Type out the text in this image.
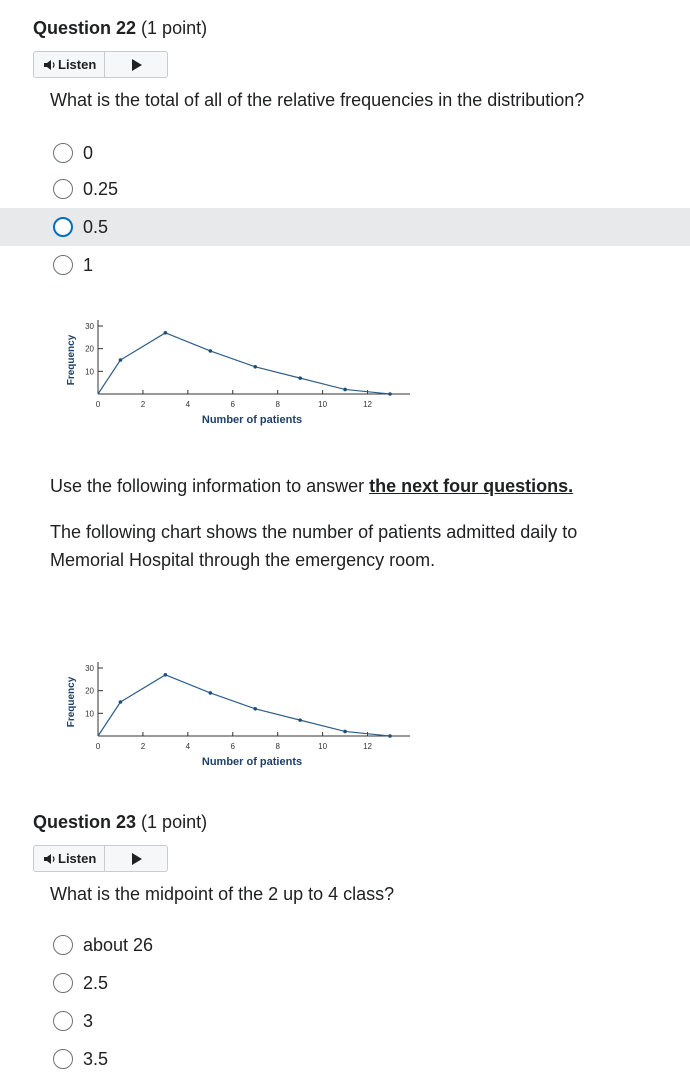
Question 22 (1 point)
Listen
What is the total of all of the relative frequencies in the distribution?
0
0.25
0.5
1
10
20
30
0	2	4	6	8	10	12
Number of patients
Frequency
Use the following information to answer the next four questions.
The following chart shows the number of patients admitted daily to Memorial Hospital through the emergency room.
10
20
30
0	2	4	6	8	10	12
Number of patients
Frequency
Question 23 (1 point)
Listen
What is the midpoint of the 2 up to 4 class?
about 26
2.5
3
3.5
